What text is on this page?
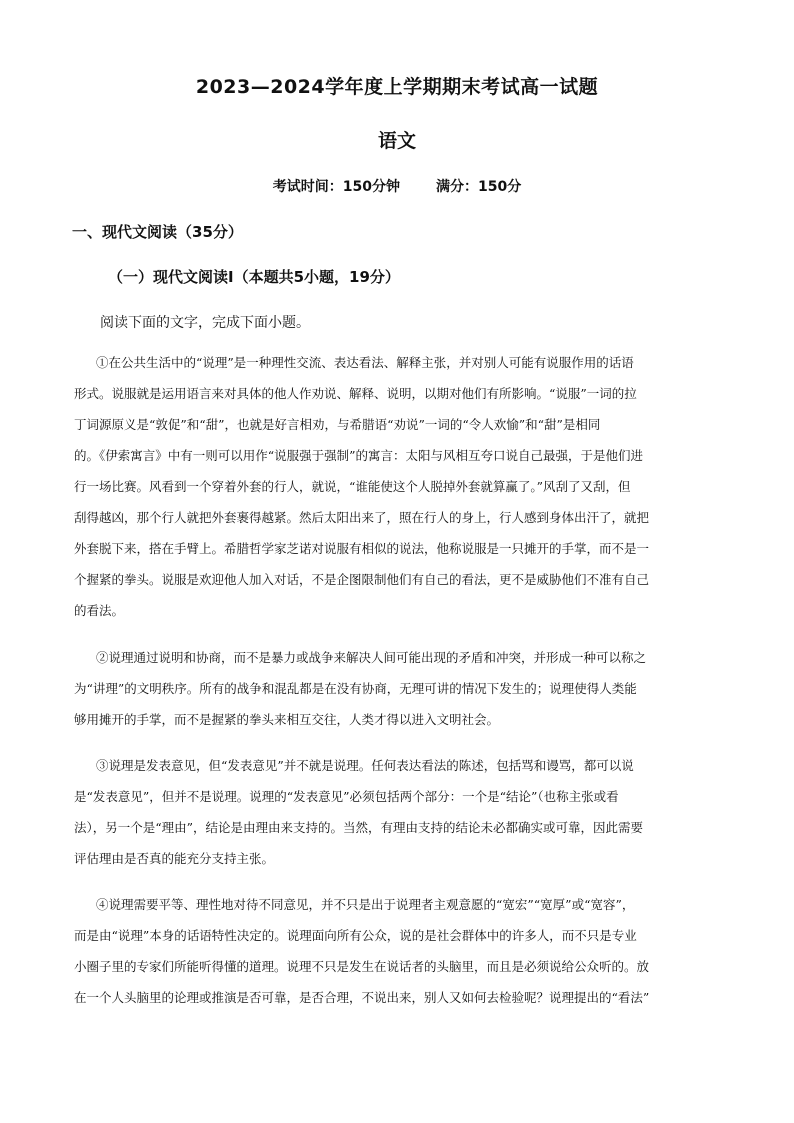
2023—2024学年度上学期期末考试高一试题
语文
考试时间：150分钟	满分：150分
一、现代文阅读（35分）
（一）现代文阅读Ⅰ（本题共5小题，19分）
阅读下面的文字，完成下面小题。
①在公共生活中的“说理”是一种理性交流、表达看法、解释主张，并对别人可能有说服作用的话语
形式。说服就是运用语言来对具体的他人作劝说、解释、说明，以期对他们有所影响。“说服”一词的拉
丁词源原义是“敦促”和“甜”，也就是好言相劝，与希腊语“劝说”一词的“令人欢愉”和“甜”是相同
的。《伊索寓言》中有一则可以用作“说服强于强制”的寓言：太阳与风相互夸口说自己最强，于是他们进
行一场比赛。风看到一个穿着外套的行人，就说，“谁能使这个人脱掉外套就算赢了。”风刮了又刮，但
刮得越凶，那个行人就把外套裹得越紧。然后太阳出来了，照在行人的身上，行人感到身体出汗了，就把
外套脱下来，搭在手臂上。希腊哲学家芝诺对说服有相似的说法，他称说服是一只摊开的手掌，而不是一
个握紧的拳头。说服是欢迎他人加入对话，不是企图限制他们有自己的看法，更不是威胁他们不准有自己
的看法。
②说理通过说明和协商，而不是暴力或战争来解决人间可能出现的矛盾和冲突，并形成一种可以称之
为“讲理”的文明秩序。所有的战争和混乱都是在没有协商，无理可讲的情况下发生的；说理使得人类能
够用摊开的手掌，而不是握紧的拳头来相互交往，人类才得以进入文明社会。
③说理是发表意见，但“发表意见”并不就是说理。任何表达看法的陈述，包括骂和谩骂，都可以说
是“发表意见”，但并不是说理。说理的“发表意见”必须包括两个部分：一个是“结论”（也称主张或看
法），另一个是“理由”，结论是由理由来支持的。当然，有理由支持的结论未必都确实或可靠，因此需要
评估理由是否真的能充分支持主张。
④说理需要平等、理性地对待不同意见，并不只是出于说理者主观意愿的“宽宏”“宽厚”或“宽容”，
而是由“说理”本身的话语特性决定的。说理面向所有公众，说的是社会群体中的许多人，而不只是专业
小圈子里的专家们所能听得懂的道理。说理不只是发生在说话者的头脑里，而且是必须说给公众听的。放
在一个人头脑里的论理或推演是否可靠，是否合理，不说出来，别人又如何去检验呢？说理提出的“看法”
